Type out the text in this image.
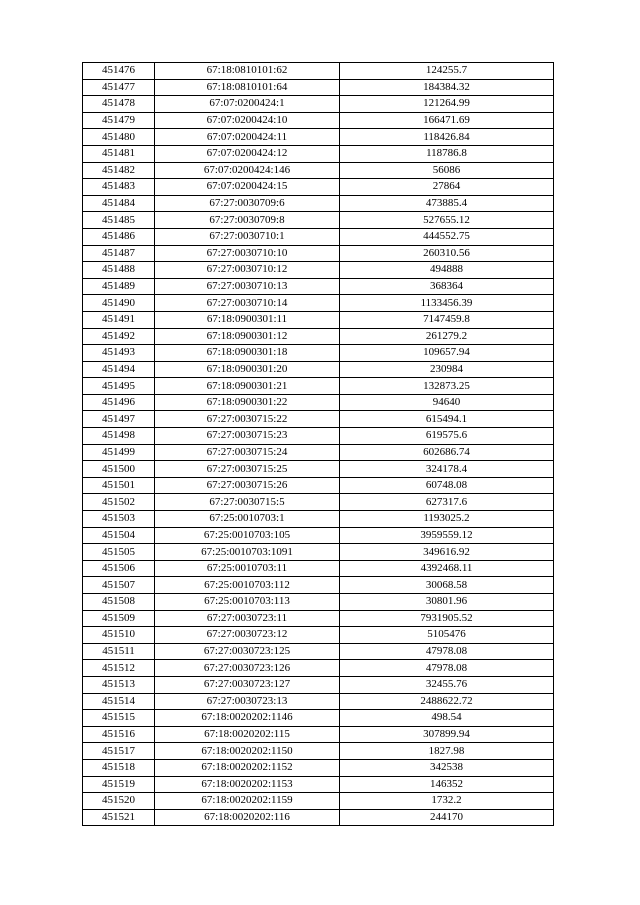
451476	67:18:0810101:62	124255.7
451477	67:18:0810101:64	184384.32
451478	67:07:0200424:1	121264.99
451479	67:07:0200424:10	166471.69
451480	67:07:0200424:11	118426.84
451481	67:07:0200424:12	118786.8
451482	67:07:0200424:146	56086
451483	67:07:0200424:15	27864
451484	67:27:0030709:6	473885.4
451485	67:27:0030709:8	527655.12
451486	67:27:0030710:1	444552.75
451487	67:27:0030710:10	260310.56
451488	67:27:0030710:12	494888
451489	67:27:0030710:13	368364
451490	67:27:0030710:14	1133456.39
451491	67:18:0900301:11	7147459.8
451492	67:18:0900301:12	261279.2
451493	67:18:0900301:18	109657.94
451494	67:18:0900301:20	230984
451495	67:18:0900301:21	132873.25
451496	67:18:0900301:22	94640
451497	67:27:0030715:22	615494.1
451498	67:27:0030715:23	619575.6
451499	67:27:0030715:24	602686.74
451500	67:27:0030715:25	324178.4
451501	67:27:0030715:26	60748.08
451502	67:27:0030715:5	627317.6
451503	67:25:0010703:1	1193025.2
451504	67:25:0010703:105	3959559.12
451505	67:25:0010703:1091	349616.92
451506	67:25:0010703:11	4392468.11
451507	67:25:0010703:112	30068.58
451508	67:25:0010703:113	30801.96
451509	67:27:0030723:11	7931905.52
451510	67:27:0030723:12	5105476
451511	67:27:0030723:125	47978.08
451512	67:27:0030723:126	47978.08
451513	67:27:0030723:127	32455.76
451514	67:27:0030723:13	2488622.72
451515	67:18:0020202:1146	498.54
451516	67:18:0020202:115	307899.94
451517	67:18:0020202:1150	1827.98
451518	67:18:0020202:1152	342538
451519	67:18:0020202:1153	146352
451520	67:18:0020202:1159	1732.2
451521	67:18:0020202:116	244170
